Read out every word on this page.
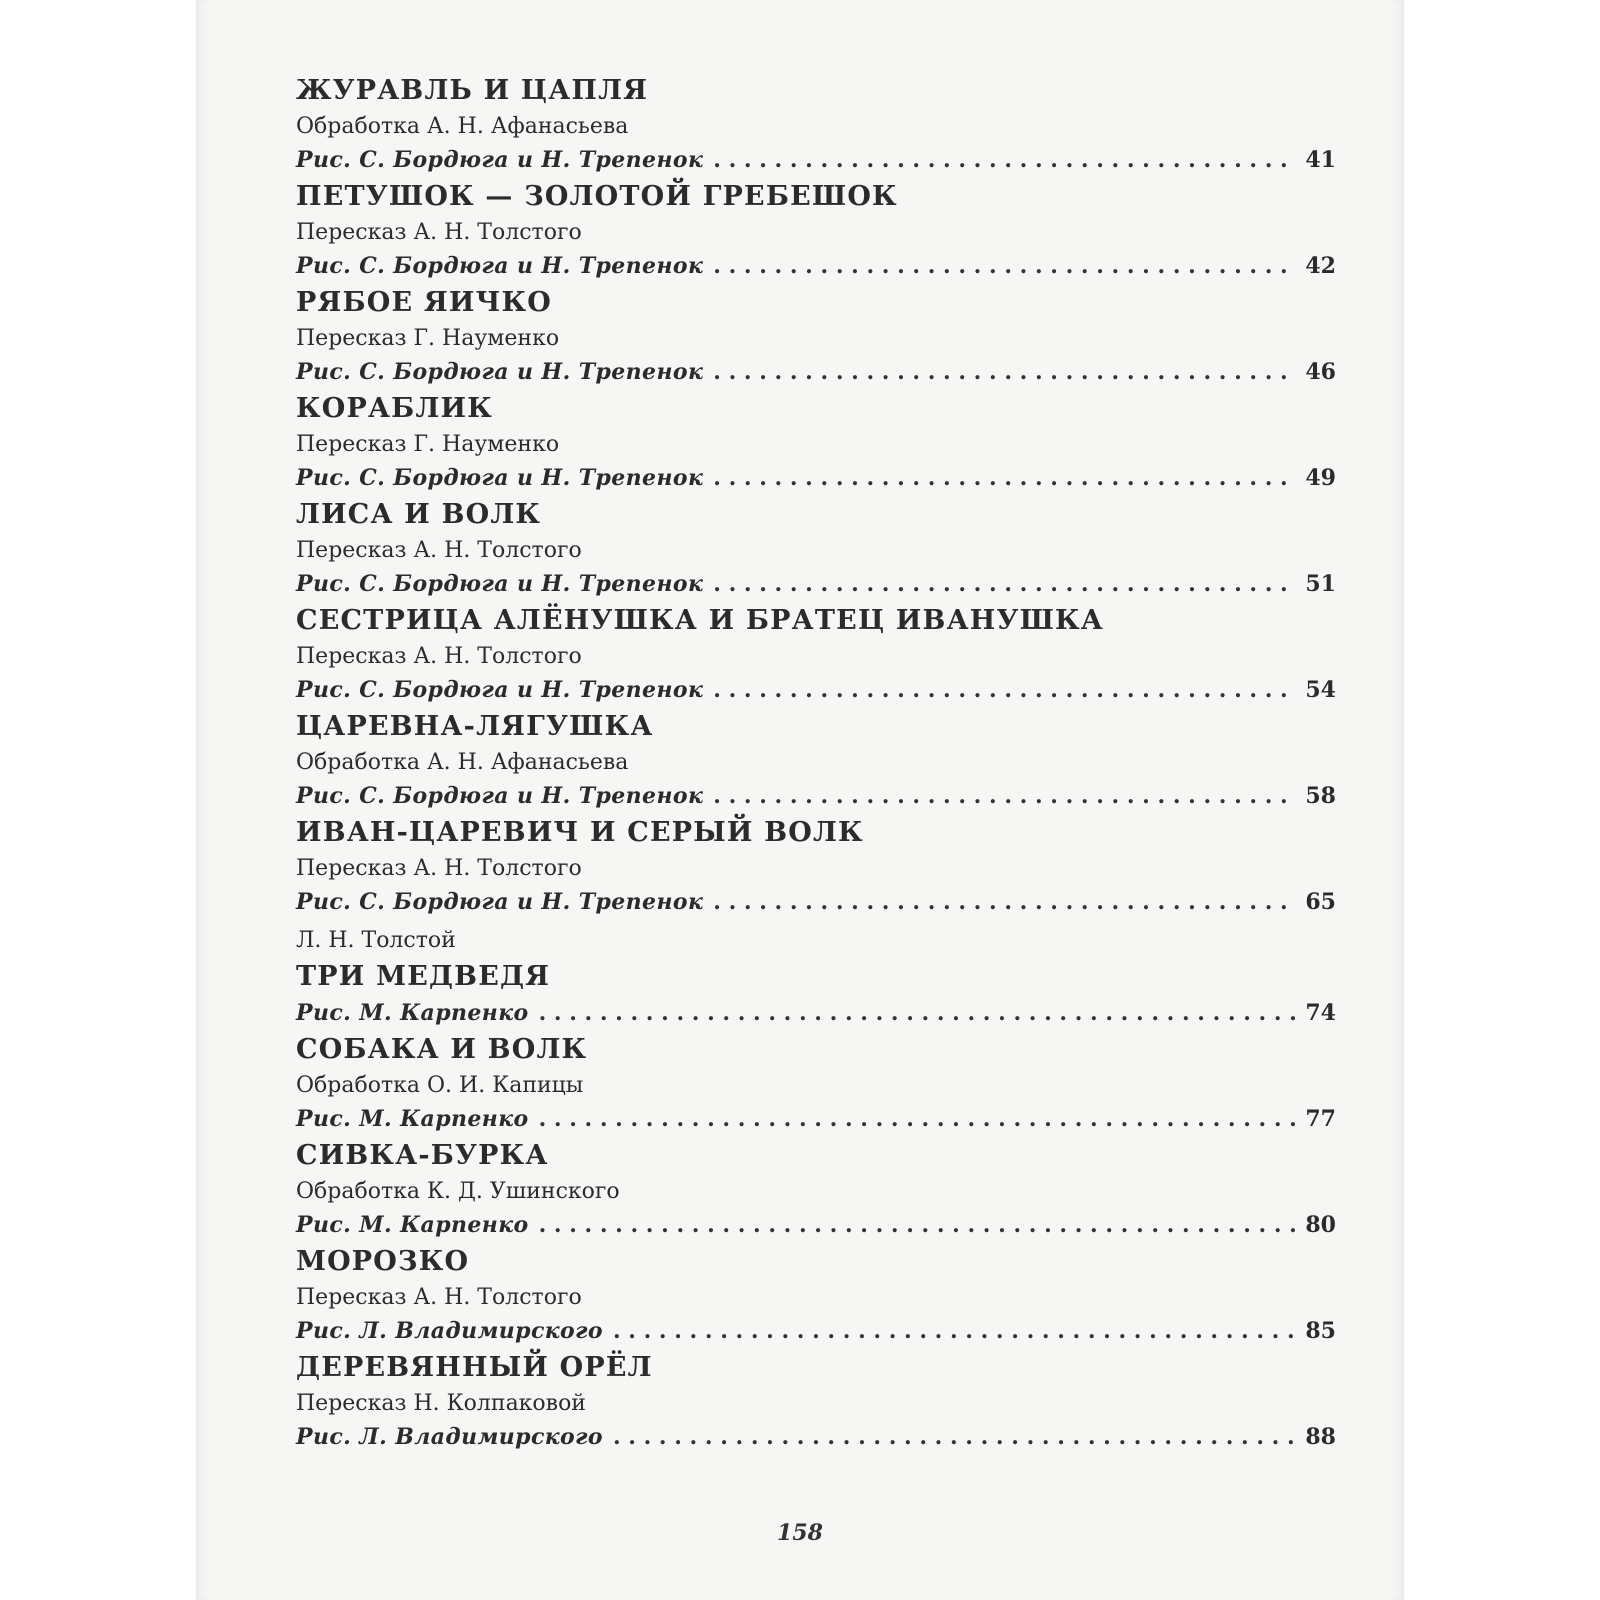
ЖУРАВЛЬ И ЦАПЛЯ
Обработка А. Н. Афанасьева
Рис. С. Бордюга и Н. Трепенок . . .	41
ПЕТУШОК — ЗОЛОТОЙ ГРЕБЕШОК
Пересказ А. Н. Толстого
Рис. С. Бордюга и Н. Трепенок . . .	42
РЯБОЕ ЯИЧКО
Пересказ Г. Науменко
Рис. С. Бордюга и Н. Трепенок . . .	46
КОРАБЛИК
Пересказ Г. Науменко
Рис. С. Бордюга и Н. Трепенок . . .	49
ЛИСА И ВОЛК
Пересказ А. Н. Толстого
Рис. С. Бордюга и Н. Трепенок . . .	51
СЕСТРИЦА АЛЁНУШКА И БРАТЕЦ ИВАНУШКА
Пересказ А. Н. Толстого
Рис. С. Бордюга и Н. Трепенок . . .	54
ЦАРЕВНА-ЛЯГУШКА
Обработка А. Н. Афанасьева
Рис. С. Бордюга и Н. Трепенок . . .	58
ИВАН-ЦАРЕВИЧ И СЕРЫЙ ВОЛК
Пересказ А. Н. Толстого
Рис. С. Бордюга и Н. Трепенок . . .	65
Л. Н. Толстой
ТРИ МЕДВЕДЯ
Рис. М. Карпенко . . .	74
СОБАКА И ВОЛК
Обработка О. И. Капицы
Рис. М. Карпенко . . .	77
СИВКА-БУРКА
Обработка К. Д. Ушинского
Рис. М. Карпенко . . .	80
МОРОЗКО
Пересказ А. Н. Толстого
Рис. Л. Владимирского . . .	85
ДЕРЕВЯННЫЙ ОРЁЛ
Пересказ Н. Колпаковой
Рис. Л. Владимирского . . .	88
158
